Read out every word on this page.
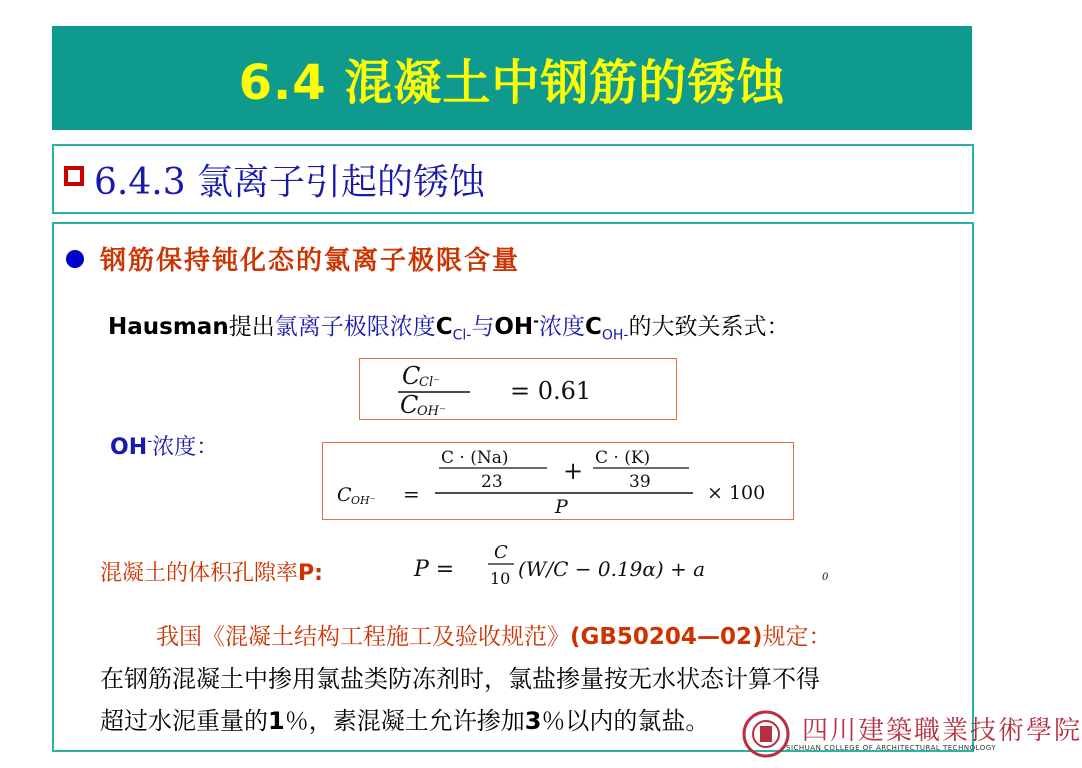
6.4 混凝土中钢筋的锈蚀
6.4.3 氯离子引起的锈蚀
钢筋保持钝化态的氯离子极限含量
Hausman提出氯离子极限浓度$C_{Cl-}$与OH-浓度$C_{OH-}$的大致关系式：
C
Cl⁻
C
OH⁻
= 0.61
OH-浓度：
C OH⁻ =
C · (Na)
23	+ C · (K)
39
P
× 100
混凝土的体积孔隙率P:	P =
C
10 (W/C − 0.19α) + a	0
我国《混凝土结构工程施工及验收规范》(GB50204—02)规定：
在钢筋混凝土中掺用氯盐类防冻剂时，氯盐掺量按无水状态计算不得
超过水泥重量的1％，素混凝土允许掺加3％以内的氯盐。	四川建築職業技術學院
SICHUAN COLLEGE OF ARCHITECTURAL TECHNOLOGY
